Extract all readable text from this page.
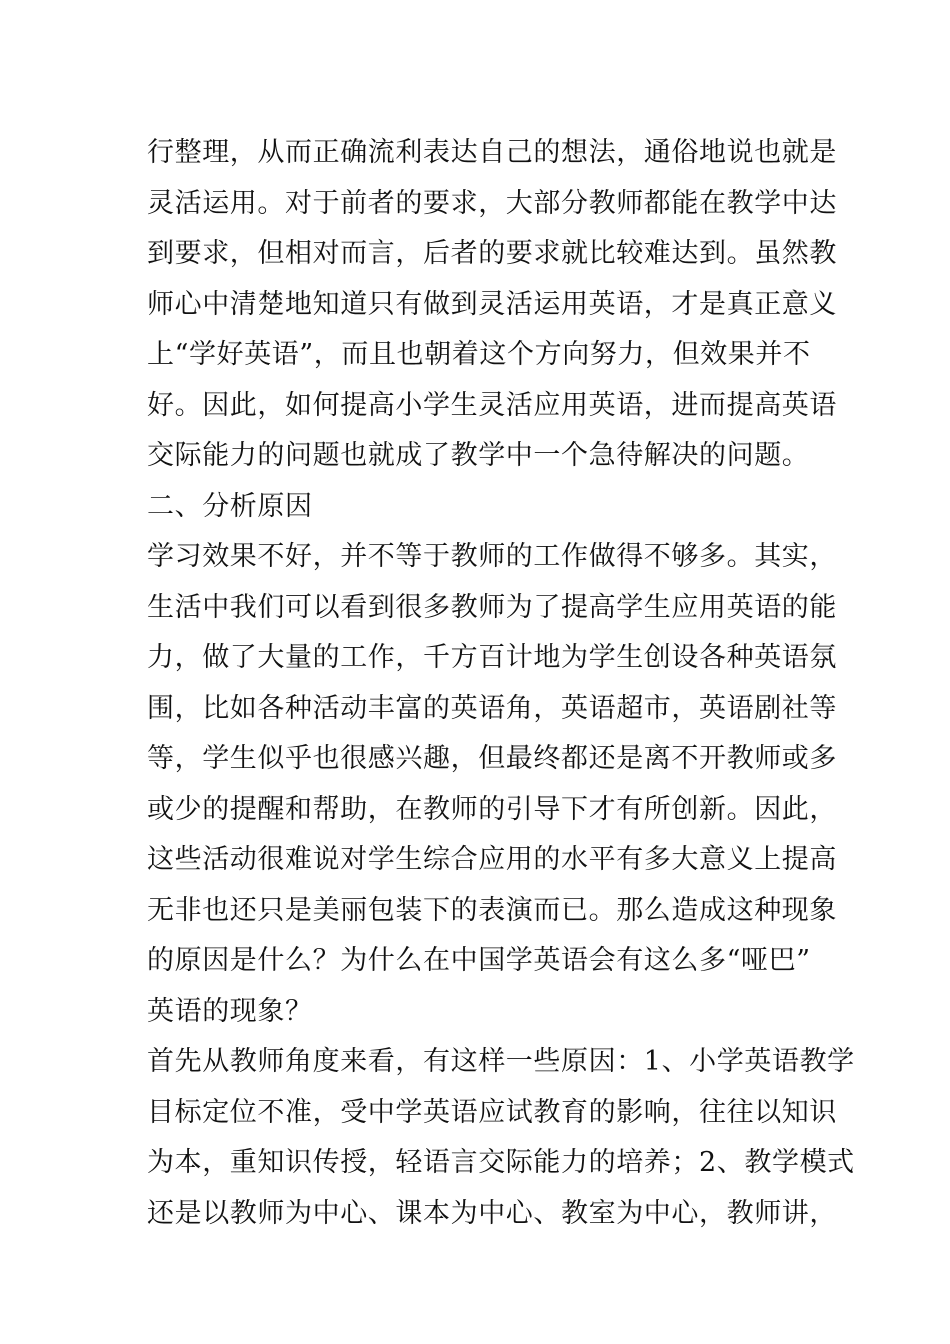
行整理，从而正确流利表达自己的想法，通俗地说也就是
灵活运用。对于前者的要求，大部分教师都能在教学中达
到要求，但相对而言，后者的要求就比较难达到。虽然教
师心中清楚地知道只有做到灵活运用英语，才是真正意义
上“学好英语”，而且也朝着这个方向努力，但效果并不
好。因此，如何提高小学生灵活应用英语，进而提高英语
交际能力的问题也就成了教学中一个急待解决的问题。
二、分析原因
学习效果不好，并不等于教师的工作做得不够多。其实，
生活中我们可以看到很多教师为了提高学生应用英语的能
力，做了大量的工作，千方百计地为学生创设各种英语氛
围，比如各种活动丰富的英语角，英语超市，英语剧社等
等，学生似乎也很感兴趣，但最终都还是离不开教师或多
或少的提醒和帮助，在教师的引导下才有所创新。因此，
这些活动很难说对学生综合应用的水平有多大意义上提高
无非也还只是美丽包装下的表演而已。那么造成这种现象
的原因是什么？为什么在中国学英语会有这么多“哑巴”
英语的现象？
首先从教师角度来看，有这样一些原因：1、小学英语教学
目标定位不准，受中学英语应试教育的影响，往往以知识
为本，重知识传授，轻语言交际能力的培养；2、教学模式
还是以教师为中心、课本为中心、教室为中心，教师讲，
